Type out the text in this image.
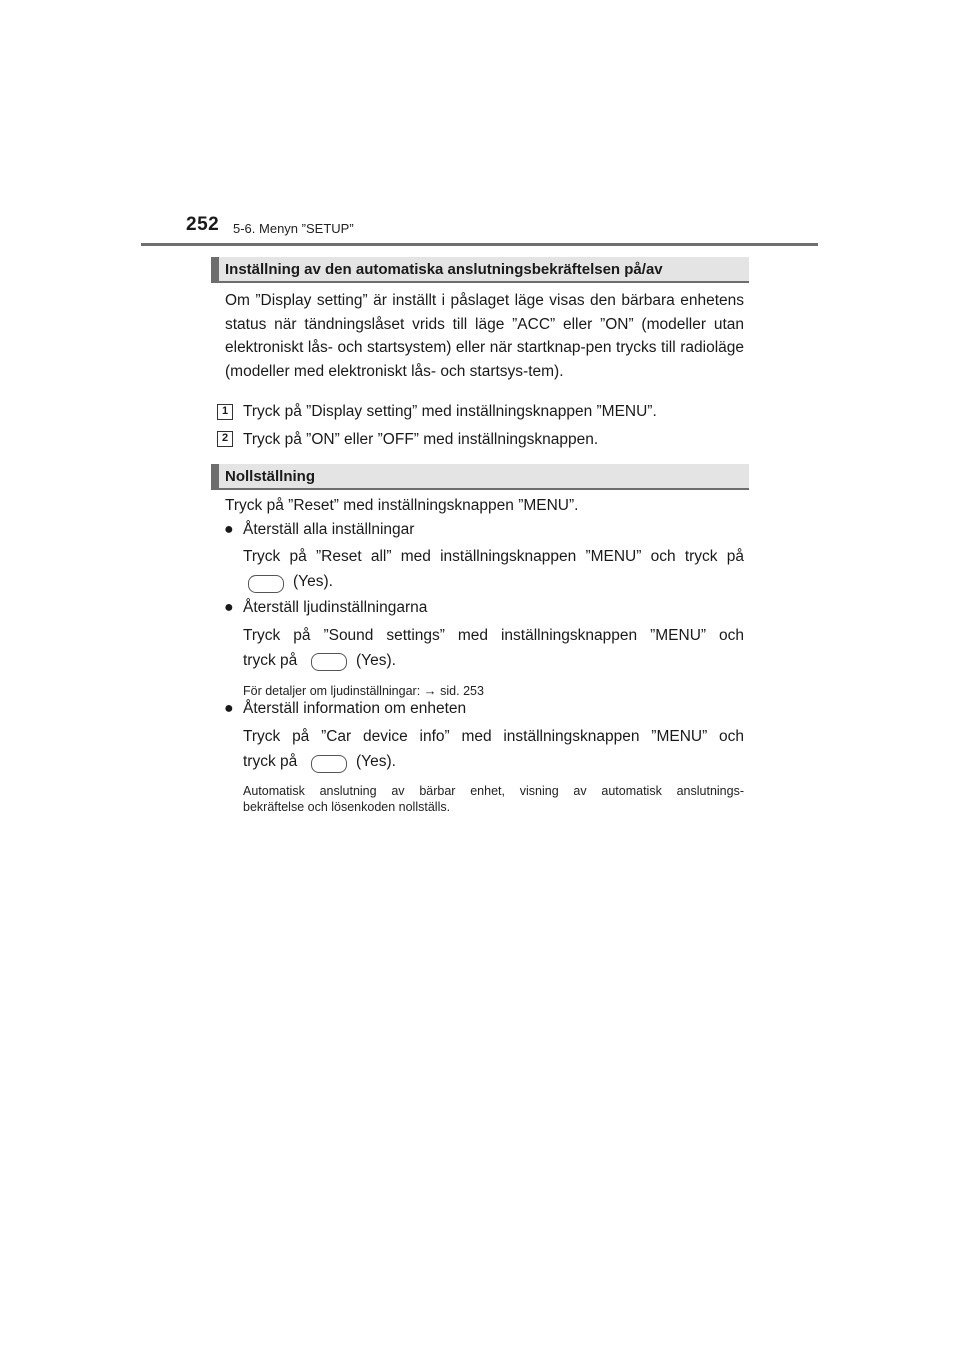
252 5-6. Menyn ”SETUP”
Inställning av den automatiska anslutningsbekräftelsen på/av

Om ”Display setting” är inställt i påslaget läge visas den bärbara enhetens status när tändningslåset vrids till läge ”ACC” eller ”ON” (modeller utan elektroniskt lås- och startsystem) eller när startknap-pen trycks till radioläge (modeller med elektroniskt lås- och startsys-tem).

1 Tryck på ”Display setting” med inställningsknappen ”MENU”.
2 Tryck på ”ON” eller ”OFF” med inställningsknappen.
Nollställning
Tryck på ”Reset” med inställningsknappen ”MENU”.
● Återställ alla inställningar
Tryck på ”Reset all” med inställningsknappen ”MENU” och tryck på
(Yes).
● Återställ ljudinställningarna
Tryck på ”Sound settings” med inställningsknappen ”MENU” och
tryck på	(Yes).
För detaljer om ljudinställningar: → sid. 253
● Återställ information om enheten
Tryck på ”Car device info” med inställningsknappen ”MENU” och
tryck på	(Yes).
Automatisk anslutning av bärbar enhet, visning av automatisk anslutnings-
bekräftelse och lösenkoden nollställs.
